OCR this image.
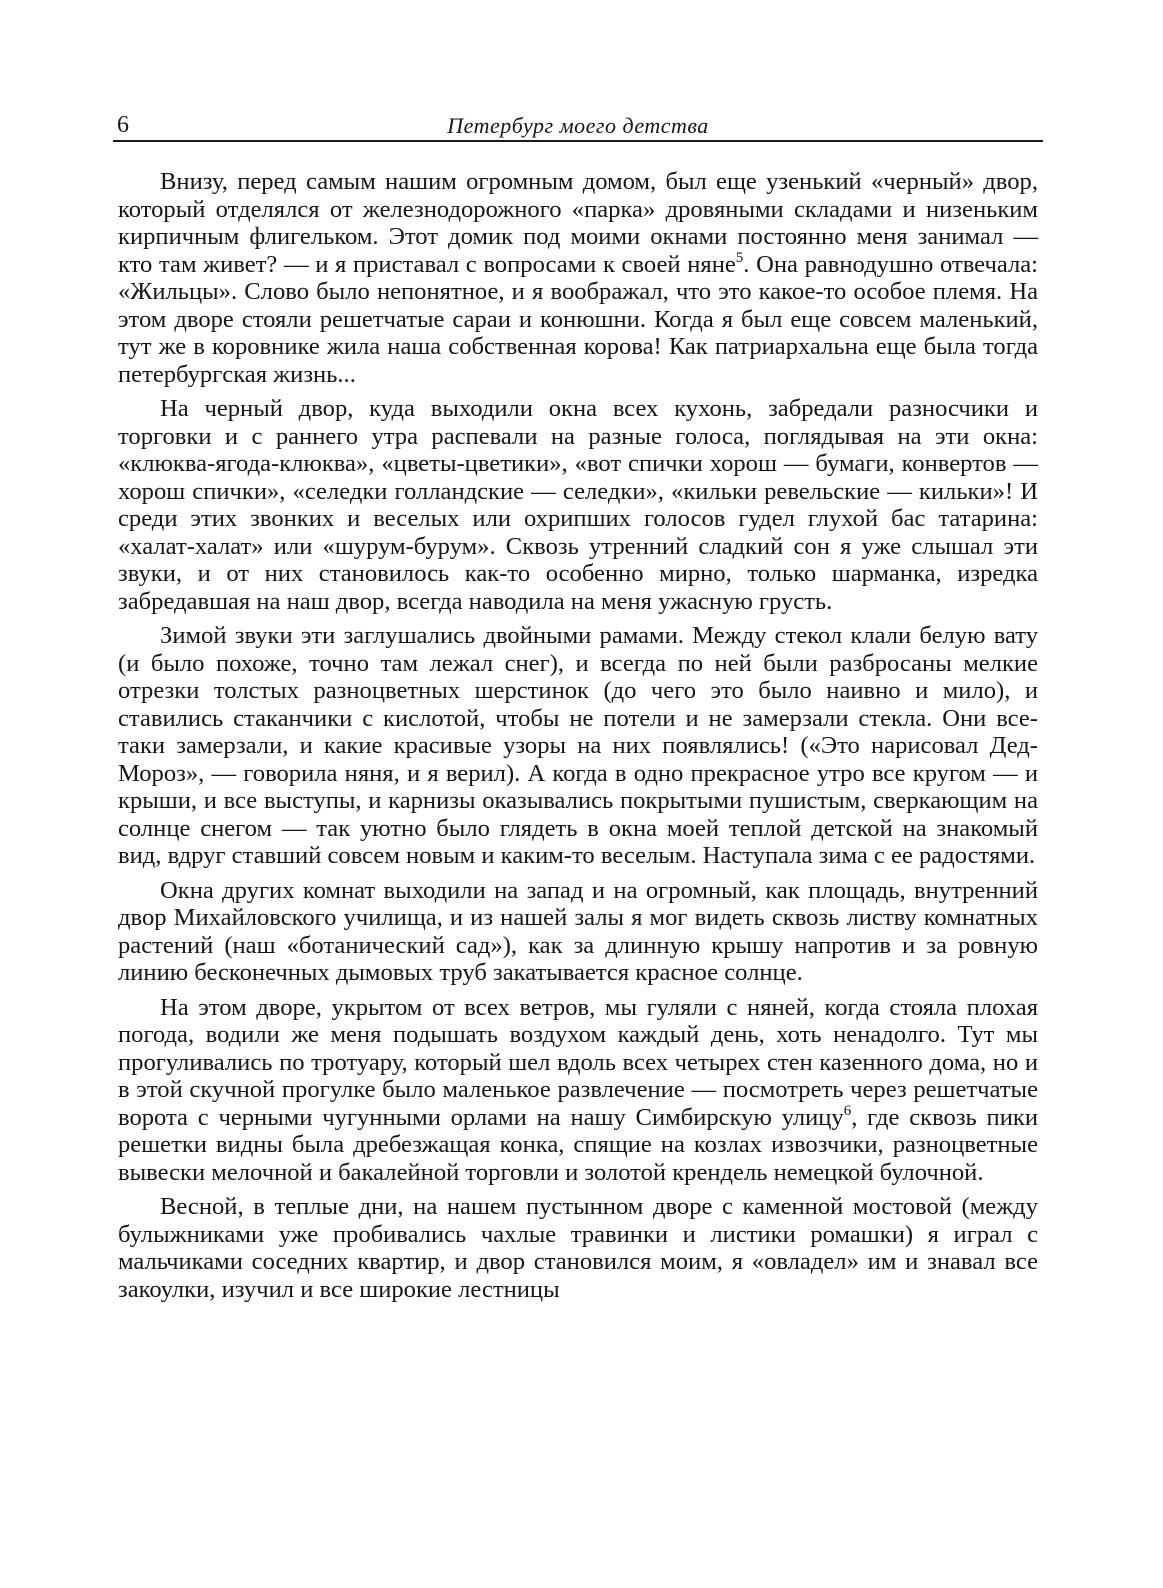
6	Петербург моего детства

Внизу, перед самым нашим огромным домом, был еще узенький «черный» двор, который отделялся от железнодорожного «парка» дровяными складами и низеньким кирпичным флигельком. Этот домик под моими окнами постоянно меня занимал — кто там живет? — и я приставал с вопросами к своей няне$^5$. Она равнодушно отвечала: «Жильцы». Слово было непонятное, и я воображал, что это какое-то особое племя. На этом дворе стояли решетчатые сараи и конюшни. Когда я был еще совсем маленький, тут же в коровнике жила наша собственная корова! Как патриархальна еще была тогда петербургская жизнь...

На черный двор, куда выходили окна всех кухонь, забредали разносчики и торговки и с раннего утра распевали на разные голоса, поглядывая на эти окна: «клюква-ягода-клюква», «цветы-цветики», «вот спички хорош — бумаги, конвертов — хорош спички», «селедки голландские — селедки», «кильки ревельские — кильки»! И среди этих звонких и веселых или охрипших голосов гудел глухой бас татарина: «халат-халат» или «шурум-бурум». Сквозь утренний сладкий сон я уже слышал эти звуки, и от них становилось как-то особенно мирно, только шарманка, изредка забредавшая на наш двор, всегда наводила на меня ужасную грусть.

Зимой звуки эти заглушались двойными рамами. Между стекол клали белую вату (и было похоже, точно там лежал снег), и всегда по ней были разбросаны мелкие отрезки толстых разноцветных шерстинок (до чего это было наивно и мило), и ставились стаканчики с кислотой, чтобы не потели и не замерзали стекла. Они все-таки замерзали, и какие красивые узоры на них появлялись! («Это нарисовал Дед-Мороз», — говорила няня, и я верил). А когда в одно прекрасное утро все кругом — и крыши, и все выступы, и карнизы оказывались покрытыми пушистым, сверкающим на солнце снегом — так уютно было глядеть в окна моей теплой детской на знакомый вид, вдруг ставший совсем новым и каким-то веселым. Наступала зима с ее радостями.

Окна других комнат выходили на запад и на огромный, как площадь, внутренний двор Михайловского училища, и из нашей залы я мог видеть сквозь листву комнатных растений (наш «ботанический сад»), как за длинную крышу напротив и за ровную линию бесконечных дымовых труб закатывается красное солнце.

На этом дворе, укрытом от всех ветров, мы гуляли с няней, когда стояла плохая погода, водили же меня подышать воздухом каждый день, хоть ненадолго. Тут мы прогуливались по тротуару, который шел вдоль всех четырех стен казенного дома, но и в этой скучной прогулке было маленькое развлечение — посмотреть через решетчатые ворота с черными чугунными орлами на нашу Симбирскую улицу$^6$, где сквозь пики решетки видны была дребезжащая конка, спящие на козлах извозчики, разноцветные вывески мелочной и бакалейной торговли и золотой крендель немецкой булочной.

Весной, в теплые дни, на нашем пустынном дворе с каменной мостовой (между булыжниками уже пробивались чахлые травинки и листики ромашки) я играл с мальчиками соседних квартир, и двор становился моим, я «овладел» им и знавал все закоулки, изучил и все широкие лестницы
